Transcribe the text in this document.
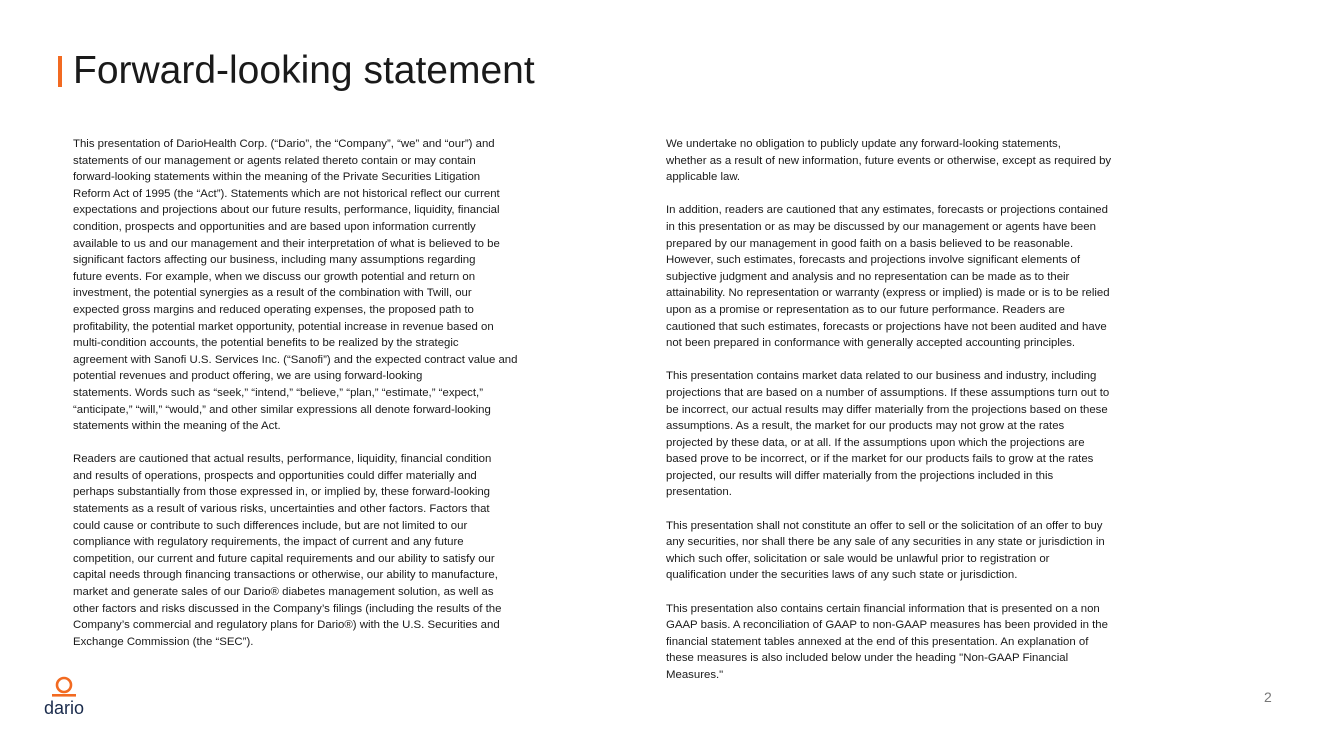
Forward-looking statement

This presentation of DarioHealth Corp. (“Dario”, the “Company”, “we” and “our”) and
statements of our management or agents related thereto contain or may contain
forward-looking statements within the meaning of the Private Securities Litigation
Reform Act of 1995 (the “Act”). Statements which are not historical reflect our current
expectations and projections about our future results, performance, liquidity, financial
condition, prospects and opportunities and are based upon information currently
available to us and our management and their interpretation of what is believed to be
significant factors affecting our business, including many assumptions regarding
future events. For example, when we discuss our growth potential and return on
investment, the potential synergies as a result of the combination with Twill, our
expected gross margins and reduced operating expenses, the proposed path to
profitability, the potential market opportunity, potential increase in revenue based on
multi-condition accounts, the potential benefits to be realized by the strategic
agreement with Sanofi U.S. Services Inc. (“Sanofi”) and the expected contract value and
potential revenues and product offering, we are using forward-looking
statements. Words such as “seek,” “intend,” “believe,” “plan,” “estimate,” “expect,”
“anticipate,” “will,” “would,” and other similar expressions all denote forward-looking
statements within the meaning of the Act.

Readers are cautioned that actual results, performance, liquidity, financial condition
and results of operations, prospects and opportunities could differ materially and
perhaps substantially from those expressed in, or implied by, these forward-looking
statements as a result of various risks, uncertainties and other factors. Factors that
could cause or contribute to such differences include, but are not limited to our
compliance with regulatory requirements, the impact of current and any future
competition, our current and future capital requirements and our ability to satisfy our
capital needs through financing transactions or otherwise, our ability to manufacture,
market and generate sales of our Dario® diabetes management solution, as well as
other factors and risks discussed in the Company’s filings (including the results of the
Company’s commercial and regulatory plans for Dario®) with the U.S. Securities and
Exchange Commission (the “SEC”).

We undertake no obligation to publicly update any forward-looking statements,
whether as a result of new information, future events or otherwise, except as required by
applicable law.

In addition, readers are cautioned that any estimates, forecasts or projections contained
in this presentation or as may be discussed by our management or agents have been
prepared by our management in good faith on a basis believed to be reasonable.
However, such estimates, forecasts and projections involve significant elements of
subjective judgment and analysis and no representation can be made as to their
attainability. No representation or warranty (express or implied) is made or is to be relied
upon as a promise or representation as to our future performance. Readers are
cautioned that such estimates, forecasts or projections have not been audited and have
not been prepared in conformance with generally accepted accounting principles.

This presentation contains market data related to our business and industry, including
projections that are based on a number of assumptions. If these assumptions turn out to
be incorrect, our actual results may differ materially from the projections based on these
assumptions. As a result, the market for our products may not grow at the rates
projected by these data, or at all. If the assumptions upon which the projections are
based prove to be incorrect, or if the market for our products fails to grow at the rates
projected, our results will differ materially from the projections included in this
presentation.

This presentation shall not constitute an offer to sell or the solicitation of an offer to buy
any securities, nor shall there be any sale of any securities in any state or jurisdiction in
which such offer, solicitation or sale would be unlawful prior to registration or
qualification under the securities laws of any such state or jurisdiction.

This presentation also contains certain financial information that is presented on a non
GAAP basis. A reconciliation of GAAP to non-GAAP measures has been provided in the
financial statement tables annexed at the end of this presentation. An explanation of
these measures is also included below under the heading "Non-GAAP Financial
Measures."

dario
2
